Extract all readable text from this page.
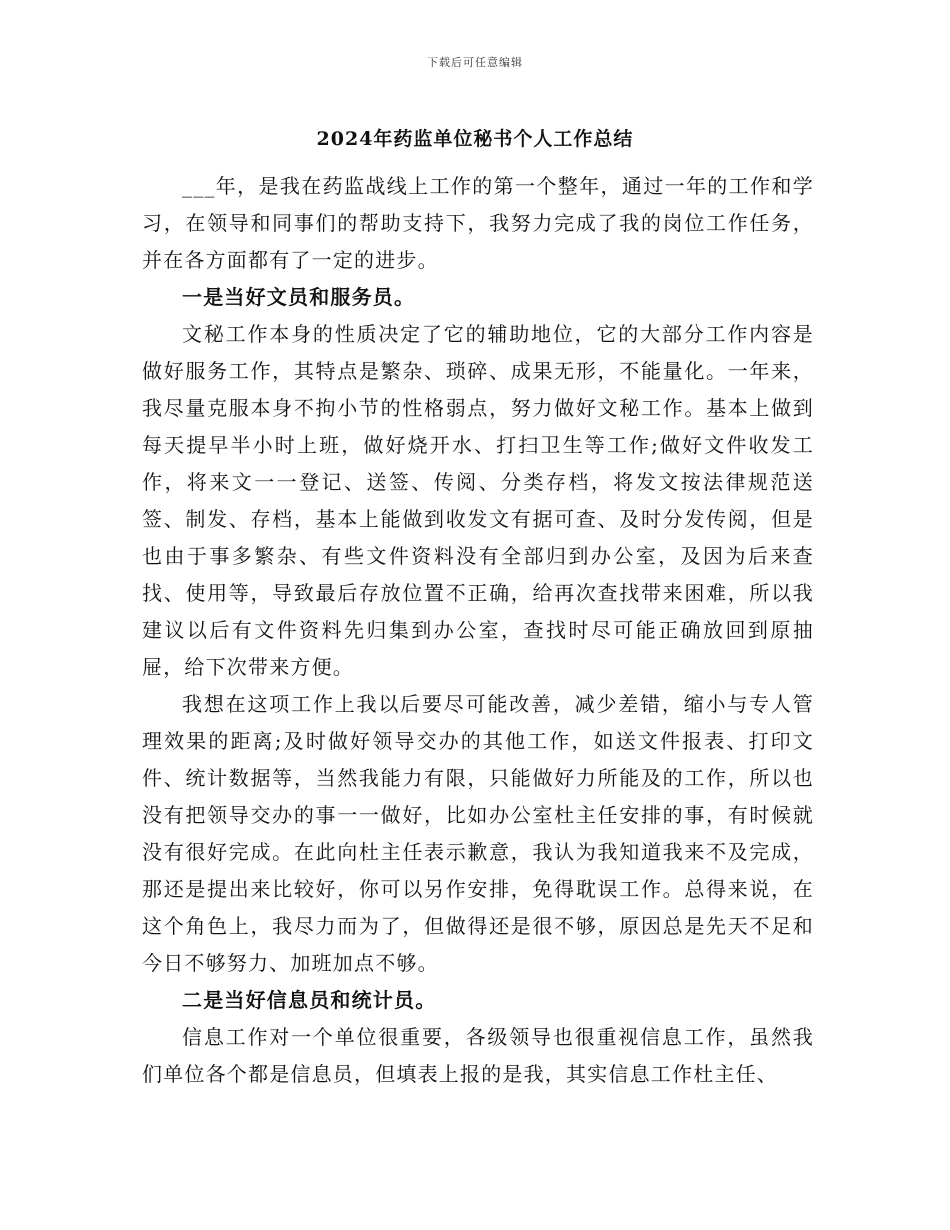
下载后可任意编辑
2024年药监单位秘书个人工作总结

___年，是我在药监战线上工作的第一个整年，通过一年的工作和学习，在领导和同事们的帮助支持下，我努力完成了我的岗位工作任务，并在各方面都有了一定的进步。

一是当好文员和服务员。

文秘工作本身的性质决定了它的辅助地位，它的大部分工作内容是做好服务工作，其特点是繁杂、琐碎、成果无形，不能量化。一年来，我尽量克服本身不拘小节的性格弱点，努力做好文秘工作。基本上做到每天提早半小时上班，做好烧开水、打扫卫生等工作;做好文件收发工作，将来文一一登记、送签、传阅、分类存档，将发文按法律规范送签、制发、存档，基本上能做到收发文有据可查、及时分发传阅，但是也由于事多繁杂、有些文件资料没有全部归到办公室，及因为后来查找、使用等，导致最后存放位置不正确，给再次查找带来困难，所以我建议以后有文件资料先归集到办公室，查找时尽可能正确放回到原抽屉，给下次带来方便。

我想在这项工作上我以后要尽可能改善，减少差错，缩小与专人管理效果的距离;及时做好领导交办的其他工作，如送文件报表、打印文件、统计数据等，当然我能力有限，只能做好力所能及的工作，所以也没有把领导交办的事一一做好，比如办公室杜主任安排的事，有时候就没有很好完成。在此向杜主任表示歉意，我认为我知道我来不及完成，那还是提出来比较好，你可以另作安排，免得耽误工作。总得来说，在这个角色上，我尽力而为了，但做得还是很不够，原因总是先天不足和今日不够努力、加班加点不够。

二是当好信息员和统计员。

信息工作对一个单位很重要，各级领导也很重视信息工作，虽然我们单位各个都是信息员，但填表上报的是我，其实信息工作杜主任、
